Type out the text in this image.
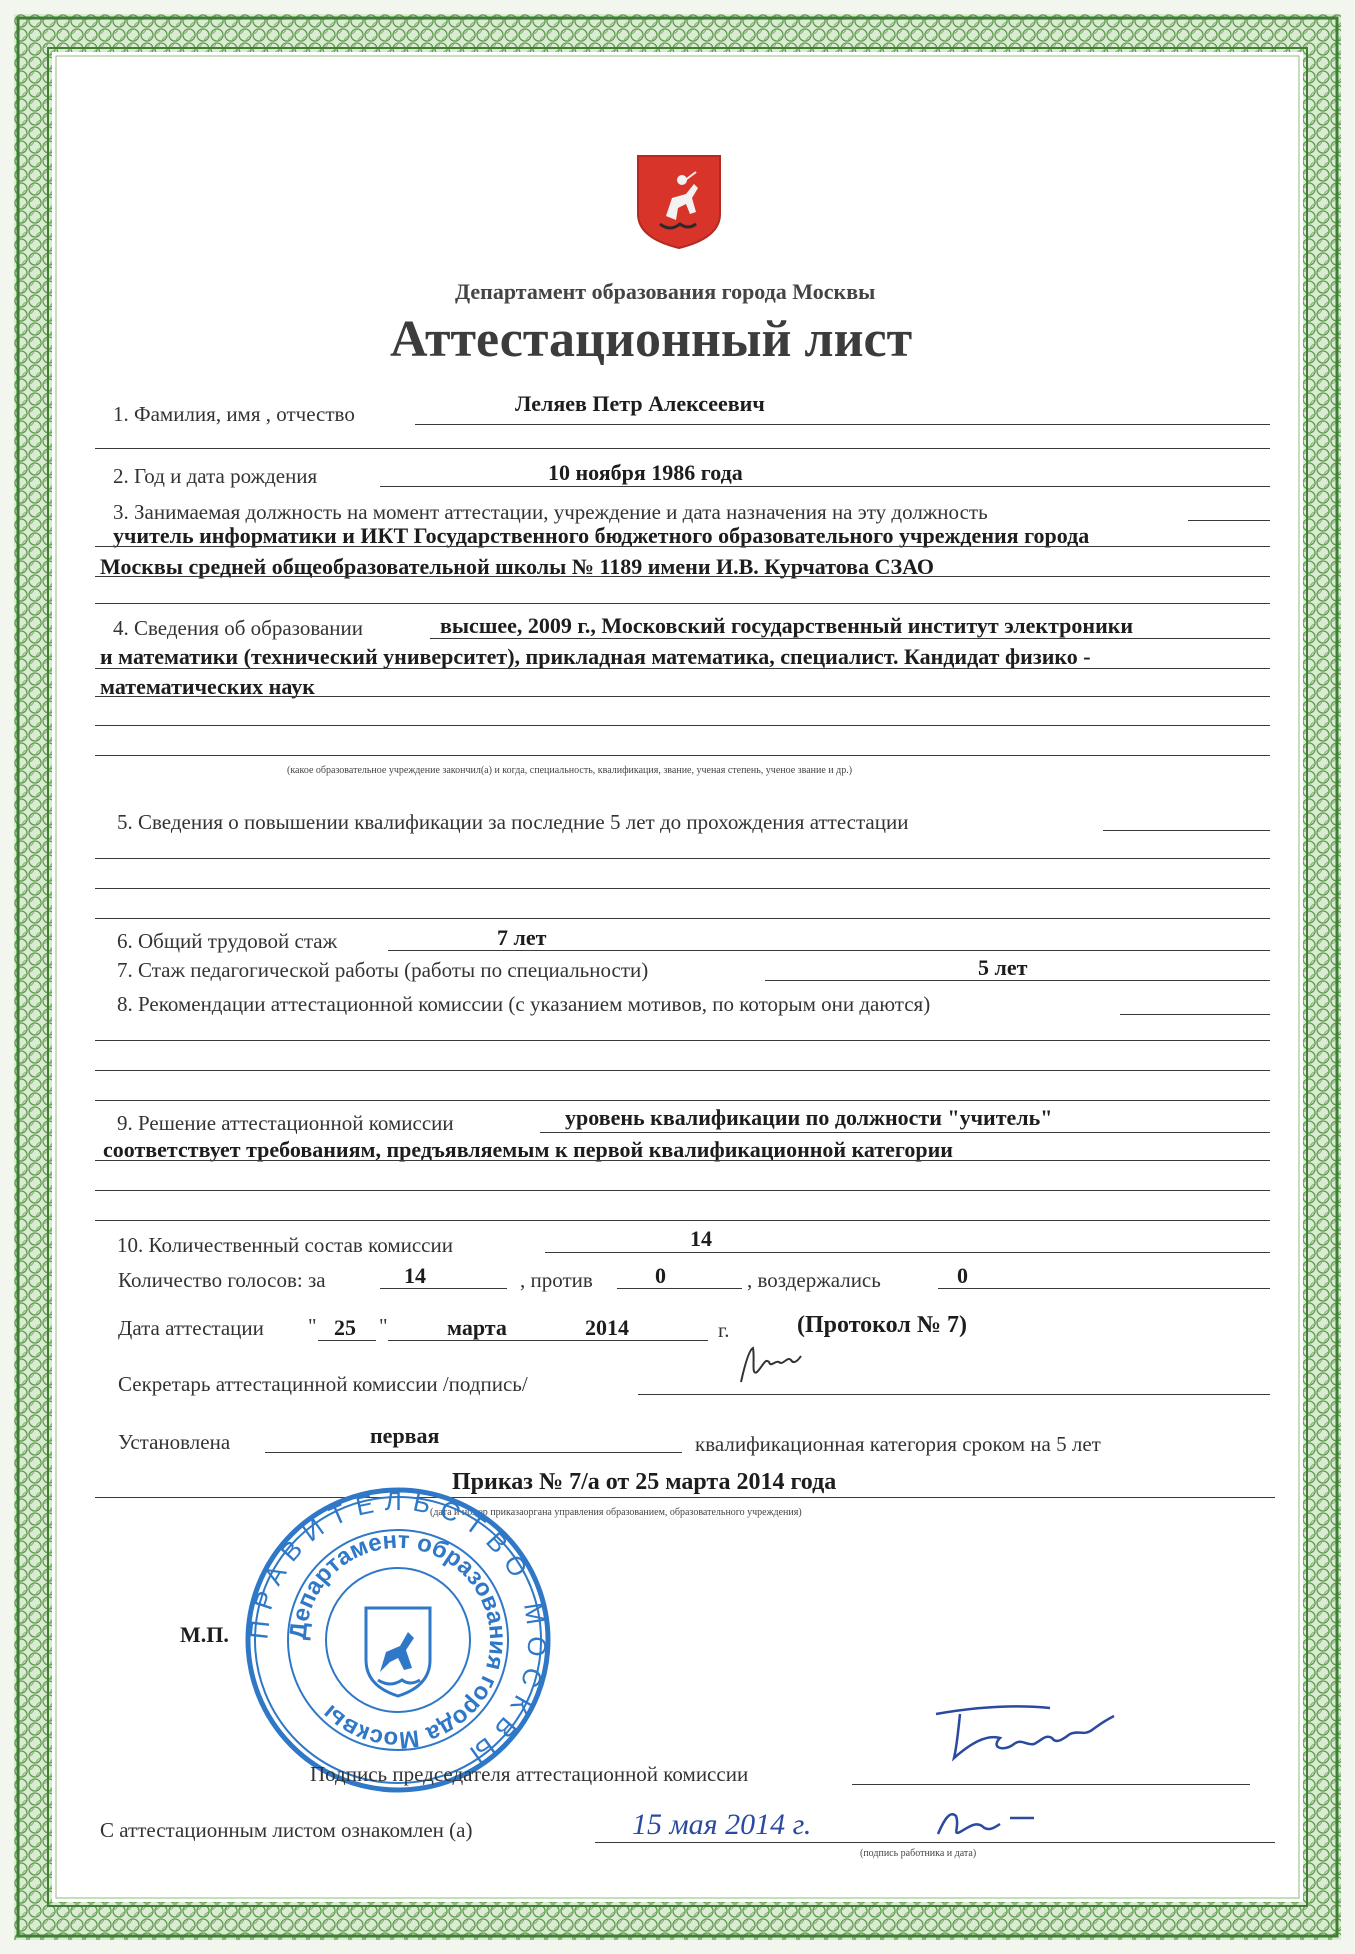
Департамент образования города Москвы
Аттестационный лист
1. Фамилия, имя , отчество	Леляев Петр Алексеевич
2. Год и дата рождения	10 ноября 1986 года
3. Занимаемая должность на момент аттестации, учреждение и дата назначения на эту должность
учитель информатики и ИКТ Государственного бюджетного образовательного учреждения города
Москвы средней общеобразовательной школы № 1189 имени И.В. Курчатова СЗАО
4. Сведения об образовании	высшее, 2009 г., Московский государственный институт электроники
и математики (технический университет), прикладная математика, специалист. Кандидат физико -
математических наук
(какое образовательное учреждение закончил(а) и когда, специальность, квалификация, звание, ученая степень, ученое звание и др.)
5. Сведения о повышении квалификации за последние 5 лет до прохождения аттестации
6. Общий трудовой стаж	7 лет
7. Стаж педагогической работы (работы по специальности)	5 лет
8. Рекомендации аттестационной комиссии (с указанием мотивов, по которым они даются)
9. Решение аттестационной комиссии	уровень квалификации по должности "учитель"
соответствует требованиям, предъявляемым к первой квалификационной категории
10. Количественный состав комиссии	14
Количество голосов: за	14	, против	0	, воздержались	0
Дата аттестации " 25 "	марта	2014	г.	(Протокол № 7)
Секретарь аттестацинной комиссии /подпись/
Установлена	первая	квалификационная категория сроком на 5 лет
Приказ № 7/а от 25 марта 2014 года
(дата и номер приказаоргана управления образованием, образовательного учреждения)
М.П. ПРАВИТЕЛЬСТВО МОСКВЫ
Департамент образования города Москвы
Подпись председателя аттестационной комиссии
С аттестационным листом ознакомлен (а)	15 мая 2014 г.
(подпись работника и дата)
